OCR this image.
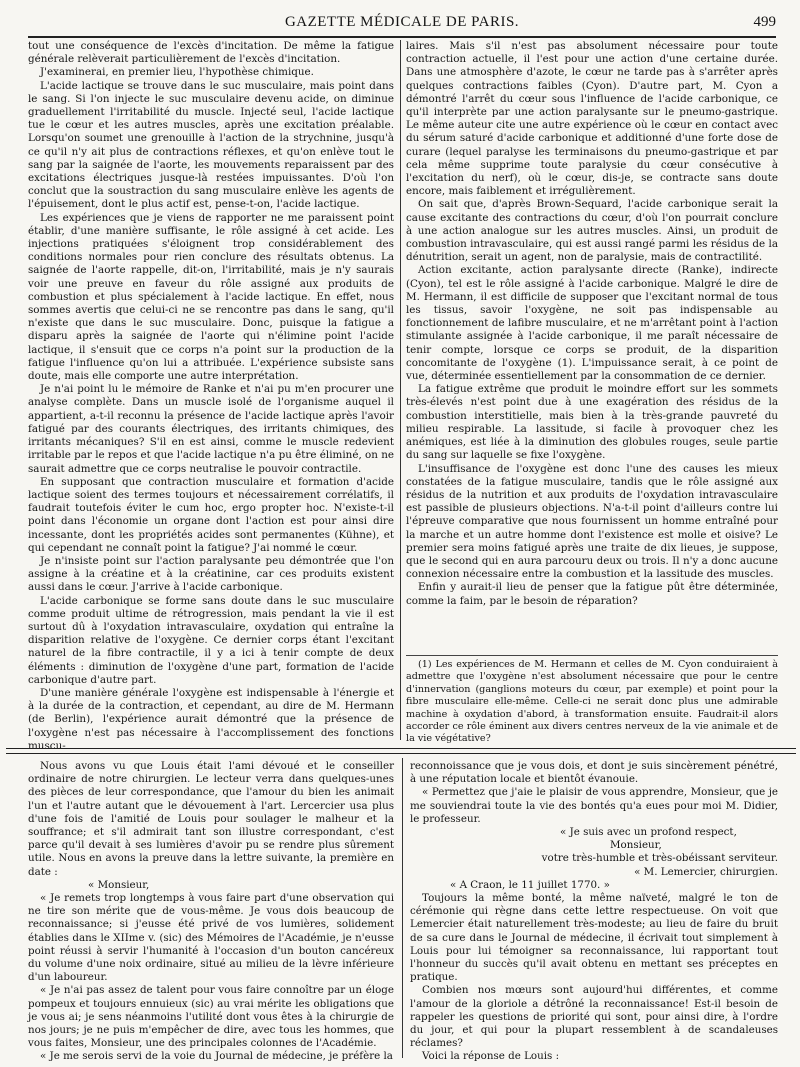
GAZETTE MÉDICALE DE PARIS.	499

tout une conséquence de l'excès d'incitation. De même la fatigue générale relèverait particulièrement de l'excès d'incitation.

J'examinerai, en premier lieu, l'hypothèse chimique.

L'acide lactique se trouve dans le suc musculaire, mais point dans le sang. Si l'on injecte le suc musculaire devenu acide, on diminue graduellement l'irritabilité du muscle. Injecté seul, l'acide lactique tue le cœur et les autres muscles, après une excitation préalable. Lorsqu'on soumet une grenouille à l'action de la strychnine, jusqu'à ce qu'il n'y ait plus de contractions réflexes, et qu'on enlève tout le sang par la saignée de l'aorte, les mouvements reparaissent par des excitations électriques jusque-là restées impuissantes. D'où l'on conclut que la soustraction du sang musculaire enlève les agents de l'épuisement, dont le plus actif est, pense-t-on, l'acide lactique.

Les expériences que je viens de rapporter ne me paraissent point établir, d'une manière suffisante, le rôle assigné à cet acide. Les injections pratiquées s'éloignent trop considérablement des conditions normales pour rien conclure des résultats obtenus. La saignée de l'aorte rappelle, dit-on, l'irritabilité, mais je n'y saurais voir une preuve en faveur du rôle assigné aux produits de combustion et plus spécialement à l'acide lactique. En effet, nous sommes avertis que celui-ci ne se rencontre pas dans le sang, qu'il n'existe que dans le suc musculaire. Donc, puisque la fatigue a disparu après la saignée de l'aorte qui n'élimine point l'acide lactique, il s'ensuit que ce corps n'a point sur la production de la fatigue l'influence qu'on lui a attribuée. L'expérience subsiste sans doute, mais elle comporte une autre interprétation.

Je n'ai point lu le mémoire de Ranke et n'ai pu m'en procurer une analyse complète. Dans un muscle isolé de l'organisme auquel il appartient, a-t-il reconnu la présence de l'acide lactique après l'avoir fatigué par des courants électriques, des irritants chimiques, des irritants mécaniques? S'il en est ainsi, comme le muscle redevient irritable par le repos et que l'acide lactique n'a pu être éliminé, on ne saurait admettre que ce corps neutralise le pouvoir contractile.

En supposant que contraction musculaire et formation d'acide lactique soient des termes toujours et nécessairement corrélatifs, il faudrait toutefois éviter le cum hoc, ergo propter hoc. N'existe-t-il point dans l'économie un organe dont l'action est pour ainsi dire incessante, dont les propriétés acides sont permanentes (Kühne), et qui cependant ne connaît point la fatigue? J'ai nommé le cœur.

Je n'insiste point sur l'action paralysante peu démontrée que l'on assigne à la créatine et à la créatinine, car ces produits existent aussi dans le cœur. J'arrive à l'acide carbonique.

L'acide carbonique se forme sans doute dans le suc musculaire comme produit ultime de rétrogression, mais pendant la vie il est surtout dû à l'oxydation intravasculaire, oxydation qui entraîne la disparition relative de l'oxygène. Ce dernier corps étant l'excitant naturel de la fibre contractile, il y a ici à tenir compte de deux éléments : diminution de l'oxygène d'une part, formation de l'acide carbonique d'autre part.

D'une manière générale l'oxygène est indispensable à l'énergie et à la durée de la contraction, et cependant, au dire de M. Hermann (de Berlin), l'expérience aurait démontré que la présence de l'oxygène n'est pas nécessaire à l'accomplissement des fonctions muscu-

laires. Mais s'il n'est pas absolument nécessaire pour toute contraction actuelle, il l'est pour une action d'une certaine durée. Dans une atmosphère d'azote, le cœur ne tarde pas à s'arrêter après quelques contractions faibles (Cyon). D'autre part, M. Cyon a démontré l'arrêt du cœur sous l'influence de l'acide carbonique, ce qu'il interprète par une action paralysante sur le pneumo-gastrique. Le même auteur cite une autre expérience où le cœur en contact avec du sérum saturé d'acide carbonique et additionné d'une forte dose de curare (lequel paralyse les terminaisons du pneumo-gastrique et par cela même supprime toute paralysie du cœur consécutive à l'excitation du nerf), où le cœur, dis-je, se contracte sans doute encore, mais faiblement et irrégulièrement.

On sait que, d'après Brown-Sequard, l'acide carbonique serait la cause excitante des contractions du cœur, d'où l'on pourrait conclure à une action analogue sur les autres muscles. Ainsi, un produit de combustion intravasculaire, qui est aussi rangé parmi les résidus de la dénutrition, serait un agent, non de paralysie, mais de contractilité.

Action excitante, action paralysante directe (Ranke), indirecte (Cyon), tel est le rôle assigné à l'acide carbonique. Malgré le dire de M. Hermann, il est difficile de supposer que l'excitant normal de tous les tissus, savoir l'oxygène, ne soit pas indispensable au fonctionnement de lafibre musculaire, et ne m'arrêtant point à l'action stimulante assignée à l'acide carbonique, il me paraît nécessaire de tenir compte, lorsque ce corps se produit, de la disparition concomitante de l'oxygène (1). L'impuissance serait, à ce point de vue, déterminée essentiellement par la consommation de ce dernier.

La fatigue extrême que produit le moindre effort sur les sommets très-élevés n'est point due à une exagération des résidus de la combustion interstitielle, mais bien à la très-grande pauvreté du milieu respirable. La lassitude, si facile à provoquer chez les anémiques, est liée à la diminution des globules rouges, seule partie du sang sur laquelle se fixe l'oxygène.

L'insuffisance de l'oxygène est donc l'une des causes les mieux constatées de la fatigue musculaire, tandis que le rôle assigné aux résidus de la nutrition et aux produits de l'oxydation intravasculaire est passible de plusieurs objections. N'a-t-il point d'ailleurs contre lui l'épreuve comparative que nous fournissent un homme entraîné pour la marche et un autre homme dont l'existence est molle et oisive? Le premier sera moins fatigué après une traite de dix lieues, je suppose, que le second qui en aura parcouru deux ou trois. Il n'y a donc aucune connexion nécessaire entre la combustion et la lassitude des muscles.

Enfin y aurait-il lieu de penser que la fatigue pût être déterminée, comme la faim, par le besoin de réparation?

(1) Les expériences de M. Hermann et celles de M. Cyon conduiraient à admettre que l'oxygène n'est absolument nécessaire que pour le centre d'innervation (ganglions moteurs du cœur, par exemple) et point pour la fibre musculaire elle-même. Celle-ci ne serait donc plus une admirable machine à oxydation d'abord, à transformation ensuite. Faudrait-il alors accorder ce rôle éminent aux divers centres nerveux de la vie animale et de la vie végétative?

Nous avons vu que Louis était l'ami dévoué et le conseiller ordinaire de notre chirurgien. Le lecteur verra dans quelques-unes des pièces de leur correspondance, que l'amour du bien les animait l'un et l'autre autant que le dévouement à l'art. Lercercier usa plus d'une fois de l'amitié de Louis pour soulager le malheur et la souffrance; et s'il admirait tant son illustre correspondant, c'est parce qu'il devait à ses lumières d'avoir pu se rendre plus sûrement utile. Nous en avons la preuve dans la lettre suivante, la première en date :

« Monsieur,

« Je remets trop longtemps à vous faire part d'une observation qui ne tire son mérite que de vous-même. Je vous dois beaucoup de reconnaissance; si j'eusse été privé de vos lumières, solidement établies dans le XIIme v. (sic) des Mémoires de l'Académie, je n'eusse point réussi à servir l'humanité à l'occasion d'un bouton cancéreux du volume d'une noix ordinaire, situé au milieu de la lèvre inférieure d'un laboureur.

« Je n'ai pas assez de talent pour vous faire connoître par un éloge pompeux et toujours ennuieux (sic) au vrai mérite les obligations que je vous ai; je sens néanmoins l'utilité dont vous êtes à la chirurgie de nos jours; je ne puis m'empêcher de dire, avec tous les hommes, que vous faites, Monsieur, une des principales colonnes de l'Académie.

« Je me serois servi de la voie du Journal de médecine, je préfère la

reconnoissance que je vous dois, et dont je suis sincèrement pénétré, à une réputation locale et bientôt évanouie.

« Permettez que j'aie le plaisir de vous apprendre, Monsieur, que je me souviendrai toute la vie des bontés qu'a eues pour moi M. Didier, le professeur.

« Je suis avec un profond respect,

Monsieur,

votre très-humble et très-obéissant serviteur.

« M. Lemercier, chirurgien.

« A Craon, le 11 juillet 1770. »

Toujours la même bonté, la même naïveté, malgré le ton de cérémonie qui règne dans cette lettre respectueuse. On voit que Lemercier était naturellement très-modeste; au lieu de faire du bruit de sa cure dans le Journal de médecine, il écrivait tout simplement à Louis pour lui témoigner sa reconnaissance, lui rapportant tout l'honneur du succès qu'il avait obtenu en mettant ses préceptes en pratique.

Combien nos mœurs sont aujourd'hui différentes, et comme l'amour de la gloriole a détrôné la reconnaissance! Est-il besoin de rappeler les questions de priorité qui sont, pour ainsi dire, à l'ordre du jour, et qui pour la plupart ressemblent à de scandaleuses réclames?

Voici la réponse de Louis :
